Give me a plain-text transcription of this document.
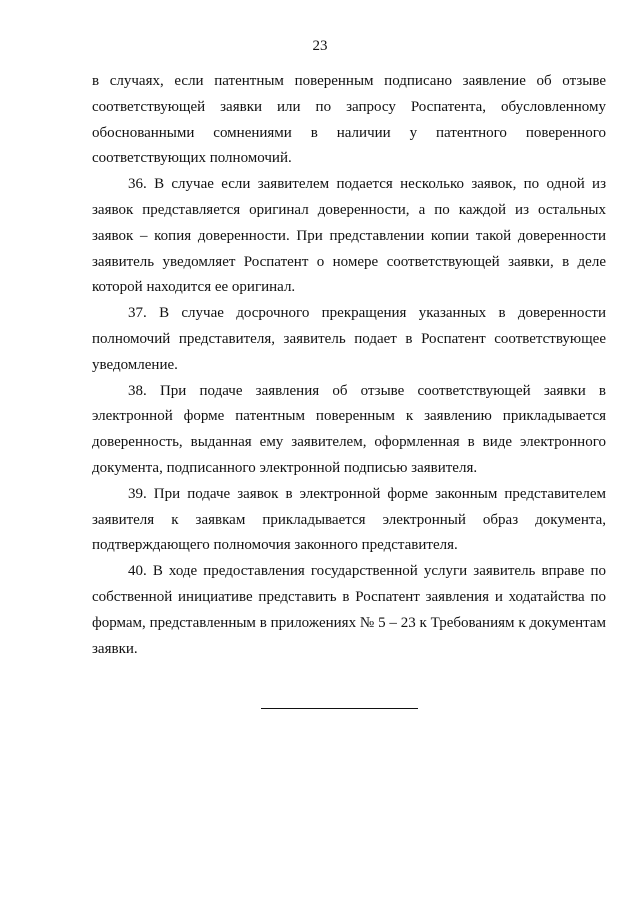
23

в случаях, если патентным поверенным подписано заявление об отзыве соответствующей заявки или по запросу Роспатента, обусловленному обоснованными сомнениями в наличии у патентного поверенного соответствующих полномочий.

36. В случае если заявителем подается несколько заявок, по одной из заявок представляется оригинал доверенности, а по каждой из остальных заявок – копия доверенности. При представлении копии такой доверенности заявитель уведомляет Роспатент о номере соответствующей заявки, в деле которой находится ее оригинал.

37. В случае досрочного прекращения указанных в доверенности полномочий представителя, заявитель подает в Роспатент соответствующее уведомление.

38. При подаче заявления об отзыве соответствующей заявки в электронной форме патентным поверенным к заявлению прикладывается доверенность, выданная ему заявителем, оформленная в виде электронного документа, подписанного электронной подписью заявителя.

39. При подаче заявок в электронной форме законным представителем заявителя к заявкам прикладывается электронный образ документа, подтверждающего полномочия законного представителя.

40. В ходе предоставления государственной услуги заявитель вправе по собственной инициативе представить в Роспатент заявления и ходатайства по формам, представленным в приложениях № 5 – 23 к Требованиям к документам заявки.
